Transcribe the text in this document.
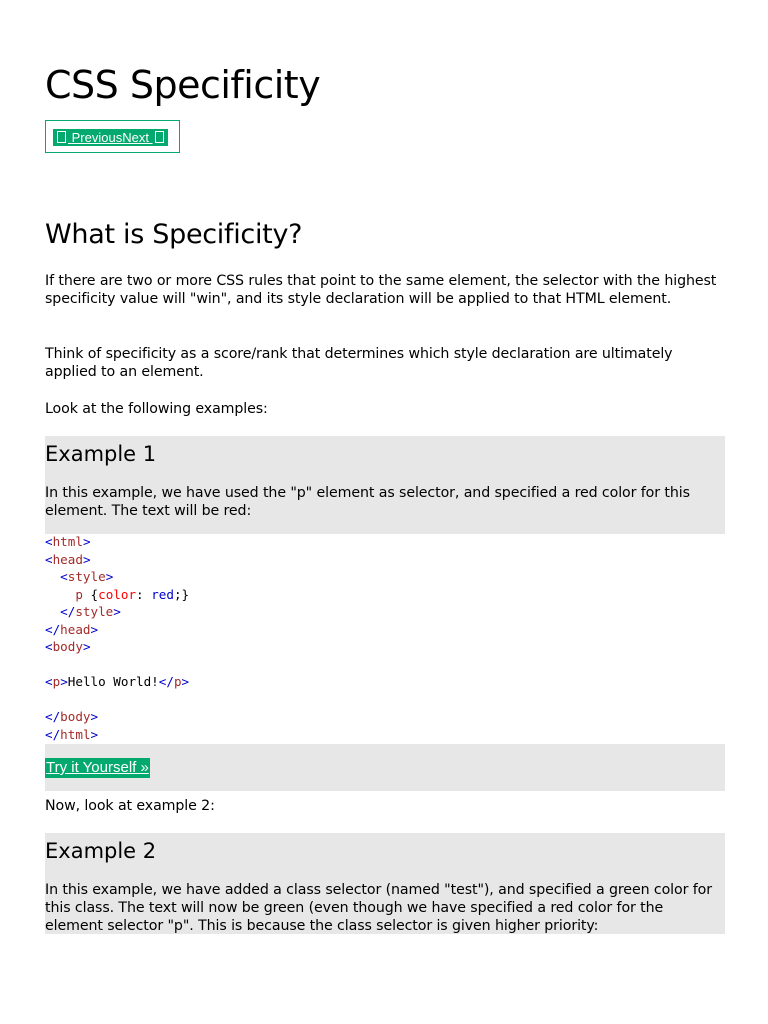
CSS Specificity
PreviousNext
What is Specificity?

If there are two or more CSS rules that point to the same element, the selector with the highest specificity value will "win", and its style declaration will be applied to that HTML element.

Think of specificity as a score/rank that determines which style declaration are ultimately applied to an element.

Look at the following examples:

Example 1

In this example, we have used the "p" element as selector, and specified a red color for this element. The text will be red:

<html>
<head>
<style>
p {color: red;}
</style>
</head>
<body>

<p>Hello World!</p>

</body>
</html>
Try it Yourself »

Now, look at example 2:

Example 2

In this example, we have added a class selector (named "test"), and specified a green color for this class. The text will now be green (even though we have specified a red color for the element selector "p". This is because the class selector is given higher priority:
